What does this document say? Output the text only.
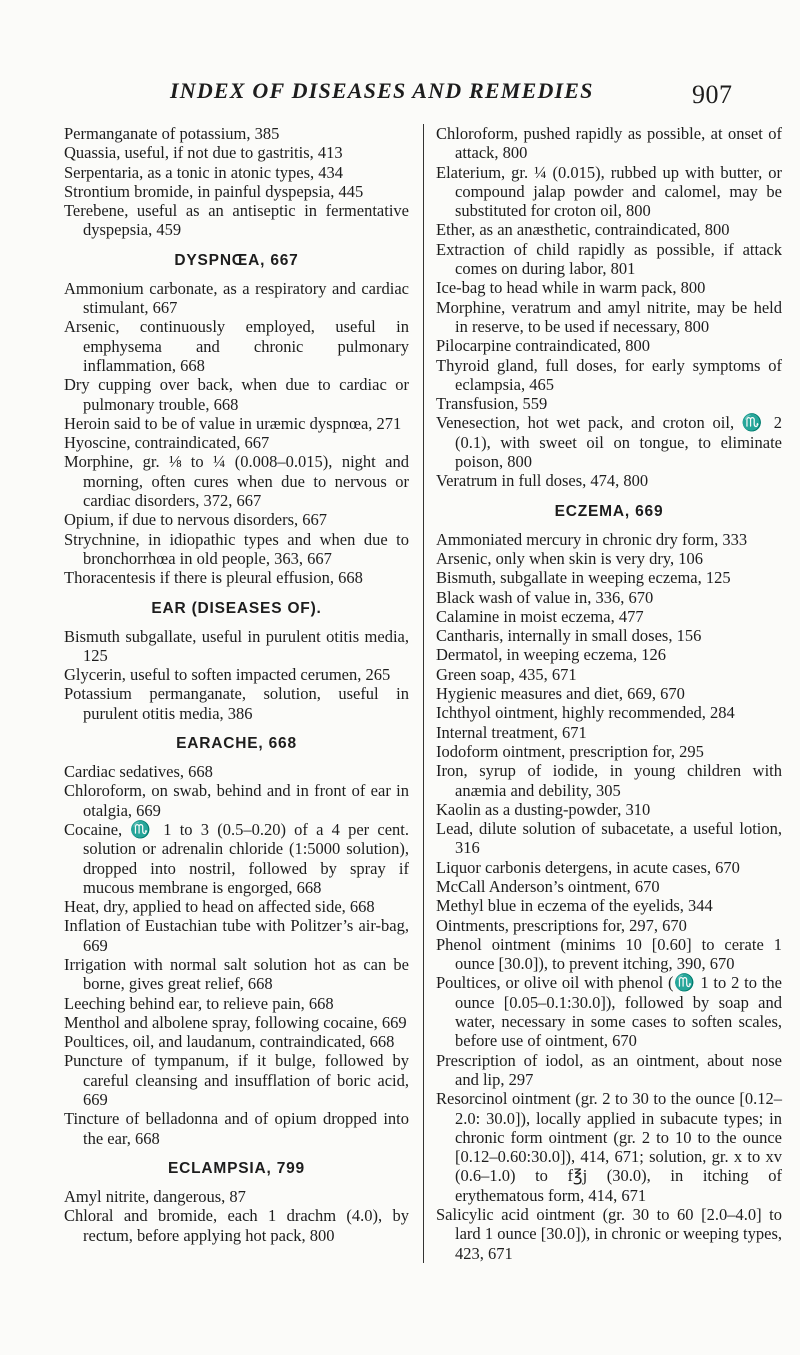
INDEX OF DISEASES AND REMEDIES	907

Permanganate of potassium, 385

Quassia, useful, if not due to gastritis, 413

Serpentaria, as a tonic in atonic types, 434

Strontium bromide, in painful dyspepsia, 445

Terebene, useful as an antiseptic in fermentative dyspepsia, 459

DYSPNŒA, 667

Ammonium carbonate, as a respiratory and cardiac stimulant, 667

Arsenic, continuously employed, useful in emphysema and chronic pulmonary inflammation, 668

Dry cupping over back, when due to cardiac or pulmonary trouble, 668

Heroin said to be of value in uræmic dyspnœa, 271

Hyoscine, contraindicated, 667

Morphine, gr. ⅛ to ¼ (0.008–0.015), night and morning, often cures when due to nervous or cardiac disorders, 372, 667

Opium, if due to nervous disorders, 667

Strychnine, in idiopathic types and when due to bronchorrhœa in old people, 363, 667

Thoracentesis if there is pleural effusion, 668

EAR (DISEASES OF).

Bismuth subgallate, useful in purulent otitis media, 125

Glycerin, useful to soften impacted cerumen, 265

Potassium permanganate, solution, useful in purulent otitis media, 386

EARACHE, 668

Cardiac sedatives, 668

Chloroform, on swab, behind and in front of ear in otalgia, 669

Cocaine, ♏ 1 to 3 (0.5–0.20) of a 4 per cent. solution or adrenalin chloride (1:5000 solution), dropped into nostril, followed by spray if mucous membrane is engorged, 668

Heat, dry, applied to head on affected side, 668

Inflation of Eustachian tube with Politzer’s air-bag, 669

Irrigation with normal salt solution hot as can be borne, gives great relief, 668

Leeching behind ear, to relieve pain, 668

Menthol and albolene spray, following cocaine, 669

Poultices, oil, and laudanum, contraindicated, 668

Puncture of tympanum, if it bulge, followed by careful cleansing and insufflation of boric acid, 669

Tincture of belladonna and of opium dropped into the ear, 668

ECLAMPSIA, 799

Amyl nitrite, dangerous, 87

Chloral and bromide, each 1 drachm (4.0), by rectum, before applying hot pack, 800

Chloroform, pushed rapidly as possible, at onset of attack, 800

Elaterium, gr. ¼ (0.015), rubbed up with butter, or compound jalap powder and calomel, may be substituted for croton oil, 800

Ether, as an anæsthetic, contraindicated, 800

Extraction of child rapidly as possible, if attack comes on during labor, 801

Ice-bag to head while in warm pack, 800

Morphine, veratrum and amyl nitrite, may be held in reserve, to be used if necessary, 800

Pilocarpine contraindicated, 800

Thyroid gland, full doses, for early symptoms of eclampsia, 465

Transfusion, 559

Venesection, hot wet pack, and croton oil, ♏ 2 (0.1), with sweet oil on tongue, to eliminate poison, 800

Veratrum in full doses, 474, 800

ECZEMA, 669

Ammoniated mercury in chronic dry form, 333

Arsenic, only when skin is very dry, 106

Bismuth, subgallate in weeping eczema, 125

Black wash of value in, 336, 670

Calamine in moist eczema, 477

Cantharis, internally in small doses, 156

Dermatol, in weeping eczema, 126

Green soap, 435, 671

Hygienic measures and diet, 669, 670

Ichthyol ointment, highly recommended, 284

Internal treatment, 671

Iodoform ointment, prescription for, 295

Iron, syrup of iodide, in young children with anæmia and debility, 305

Kaolin as a dusting-powder, 310

Lead, dilute solution of subacetate, a useful lotion, 316

Liquor carbonis detergens, in acute cases, 670

McCall Anderson’s ointment, 670

Methyl blue in eczema of the eyelids, 344

Ointments, prescriptions for, 297, 670

Phenol ointment (minims 10 [0.60] to cerate 1 ounce [30.0]), to prevent itching, 390, 670

Poultices, or olive oil with phenol (♏ 1 to 2 to the ounce [0.05–0.1:30.0]), followed by soap and water, necessary in some cases to soften scales, before use of ointment, 670

Prescription of iodol, as an ointment, about nose and lip, 297

Resorcinol ointment (gr. 2 to 30 to the ounce [0.12–2.0: 30.0]), locally applied in subacute types; in chronic form ointment (gr. 2 to 10 to the ounce [0.12–0.60:30.0]), 414, 671; solution, gr. x to xv (0.6–1.0) to f℥j (30.0), in itching of erythematous form, 414, 671

Salicylic acid ointment (gr. 30 to 60 [2.0–4.0] to lard 1 ounce [30.0]), in chronic or weeping types, 423, 671
